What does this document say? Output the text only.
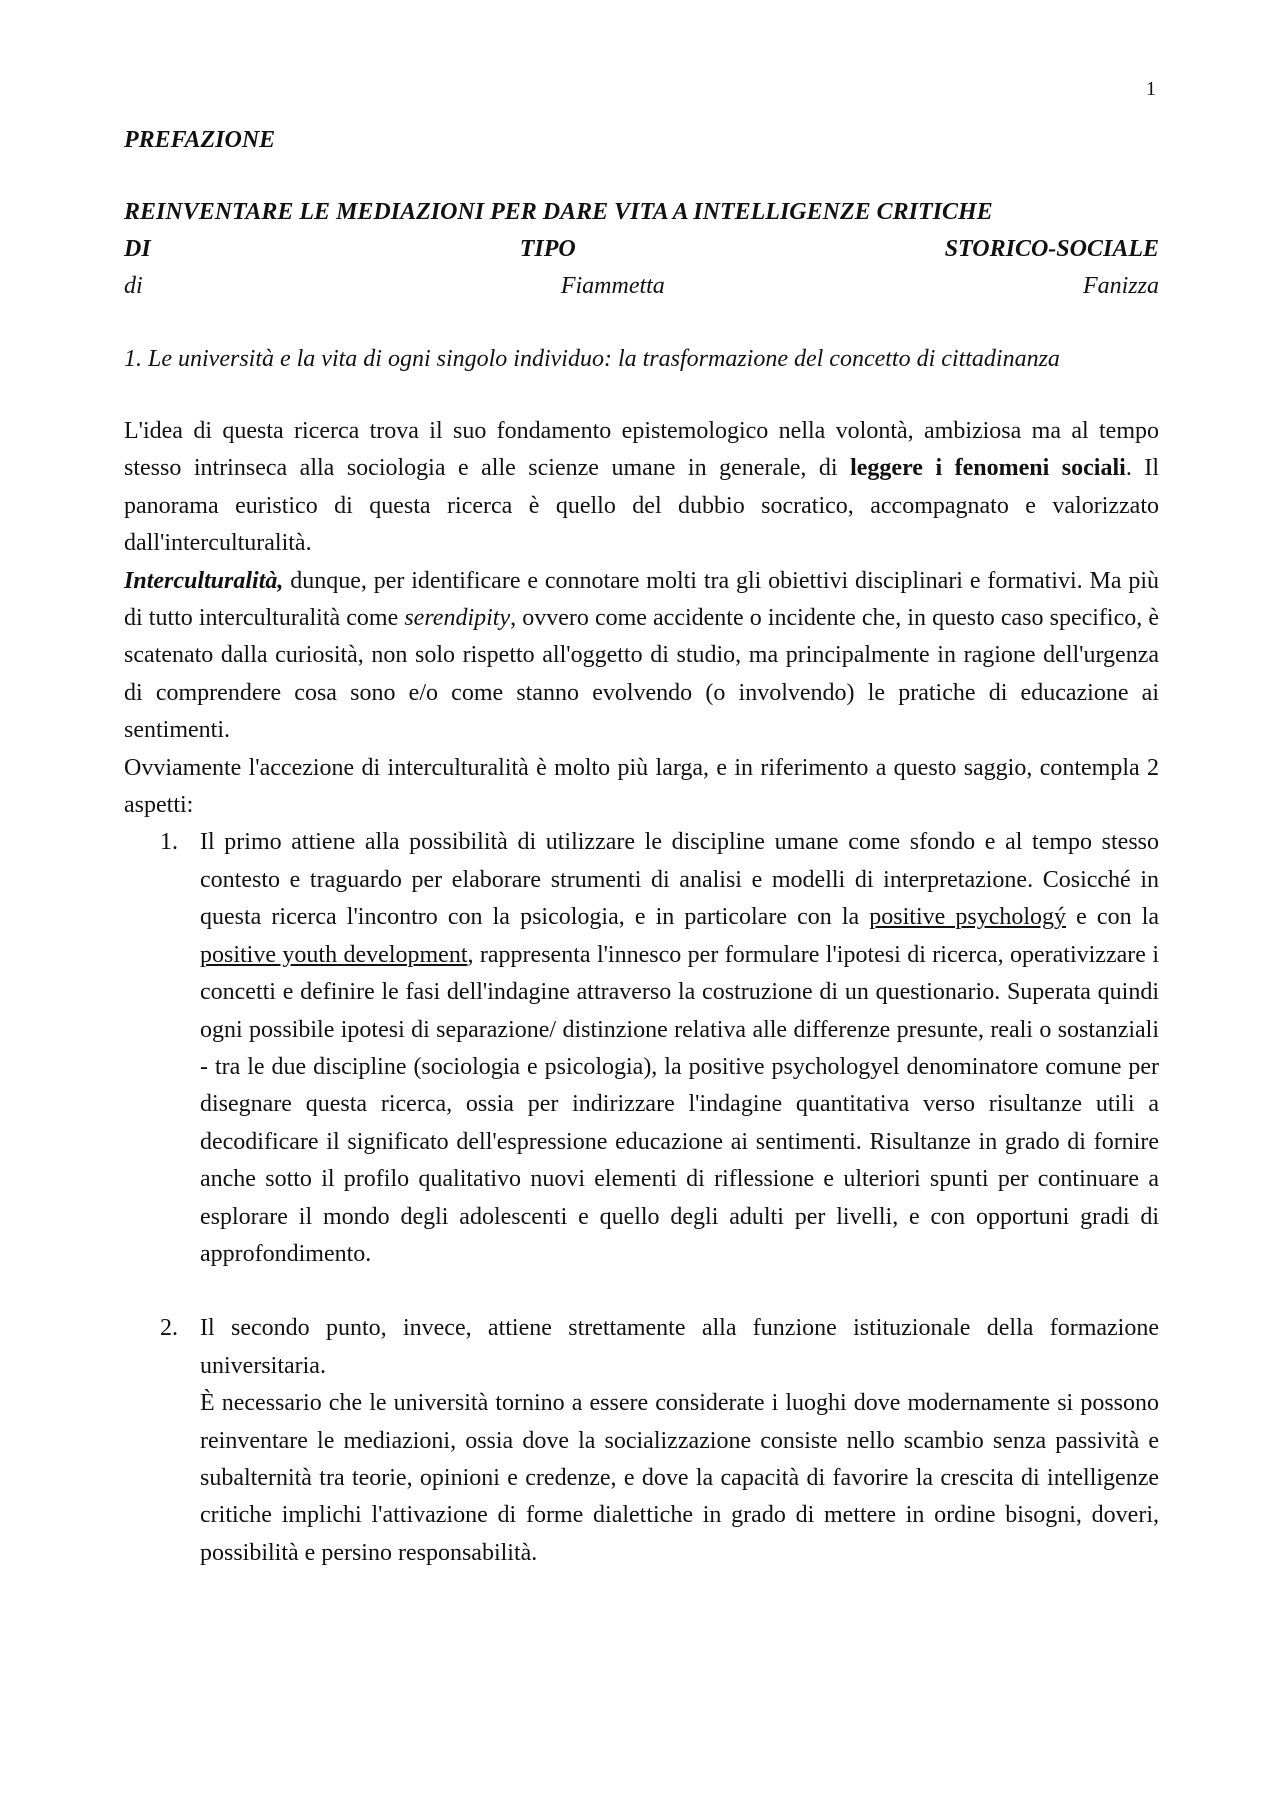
1

PREFAZIONE

REINVENTARE LE MEDIAZIONI PER DARE VITA A INTELLIGENZE CRITICHE

DI	TIPO	STORICO-SOCIALE

di	Fiammetta	Fanizza

1. Le università e la vita di ogni singolo individuo: la trasformazione del concetto di cittadinanza

L'idea di questa ricerca trova il suo fondamento epistemologico nella volontà, ambiziosa ma al tempo stesso intrinseca alla sociologia e alle scienze umane in generale, di leggere i fenomeni sociali. Il panorama euristico di questa ricerca è quello del dubbio socratico, accompagnato e valorizzato dall'interculturalità.

Interculturalità, dunque, per identificare e connotare molti tra gli obiettivi disciplinari e formativi. Ma più di tutto interculturalità come serendipity, ovvero come accidente o incidente che, in questo caso specifico, è scatenato dalla curiosità, non solo rispetto all'oggetto di studio, ma principalmente in ragione dell'urgenza di comprendere cosa sono e/o come stanno evolvendo (o involvendo) le pratiche di educazione ai sentimenti.

Ovviamente l'accezione di interculturalità è molto più larga, e in riferimento a questo saggio, contempla 2 aspetti:

1. Il primo attiene alla possibilità di utilizzare le discipline umane come sfondo e al tempo stesso contesto e traguardo per elaborare strumenti di analisi e modelli di interpretazione. Cosicché in questa ricerca l'incontro con la psicologia, e in particolare con la positive psychologý e con la positive youth development, rappresenta l'innesco per formulare l'ipotesi di ricerca, operativizzare i concetti e definire le fasi dell'indagine attraverso la costruzione di un questionario. Superata quindi ogni possibile ipotesi di separazione/ distinzione relativa alle differenze presunte, reali o sostanziali - tra le due discipline (sociologia e psicologia), la positive psychologyel denominatore comune per disegnare questa ricerca, ossia per indirizzare l'indagine quantitativa verso risultanze utili a decodificare il significato dell'espressione educazione ai sentimenti. Risultanze in grado di fornire anche sotto il profilo qualitativo nuovi elementi di riflessione e ulteriori spunti per continuare a esplorare il mondo degli adolescenti e quello degli adulti per livelli, e con opportuni gradi di approfondimento.
2. Il secondo punto, invece, attiene strettamente alla funzione istituzionale della formazione universitaria.
È necessario che le università tornino a essere considerate i luoghi dove modernamente si possono reinventare le mediazioni, ossia dove la socializzazione consiste nello scambio senza passività e subalternità tra teorie, opinioni e credenze, e dove la capacità di favorire la crescita di intelligenze critiche implichi l'attivazione di forme dialettiche in grado di mettere in ordine bisogni, doveri, possibilità e persino responsabilità.
